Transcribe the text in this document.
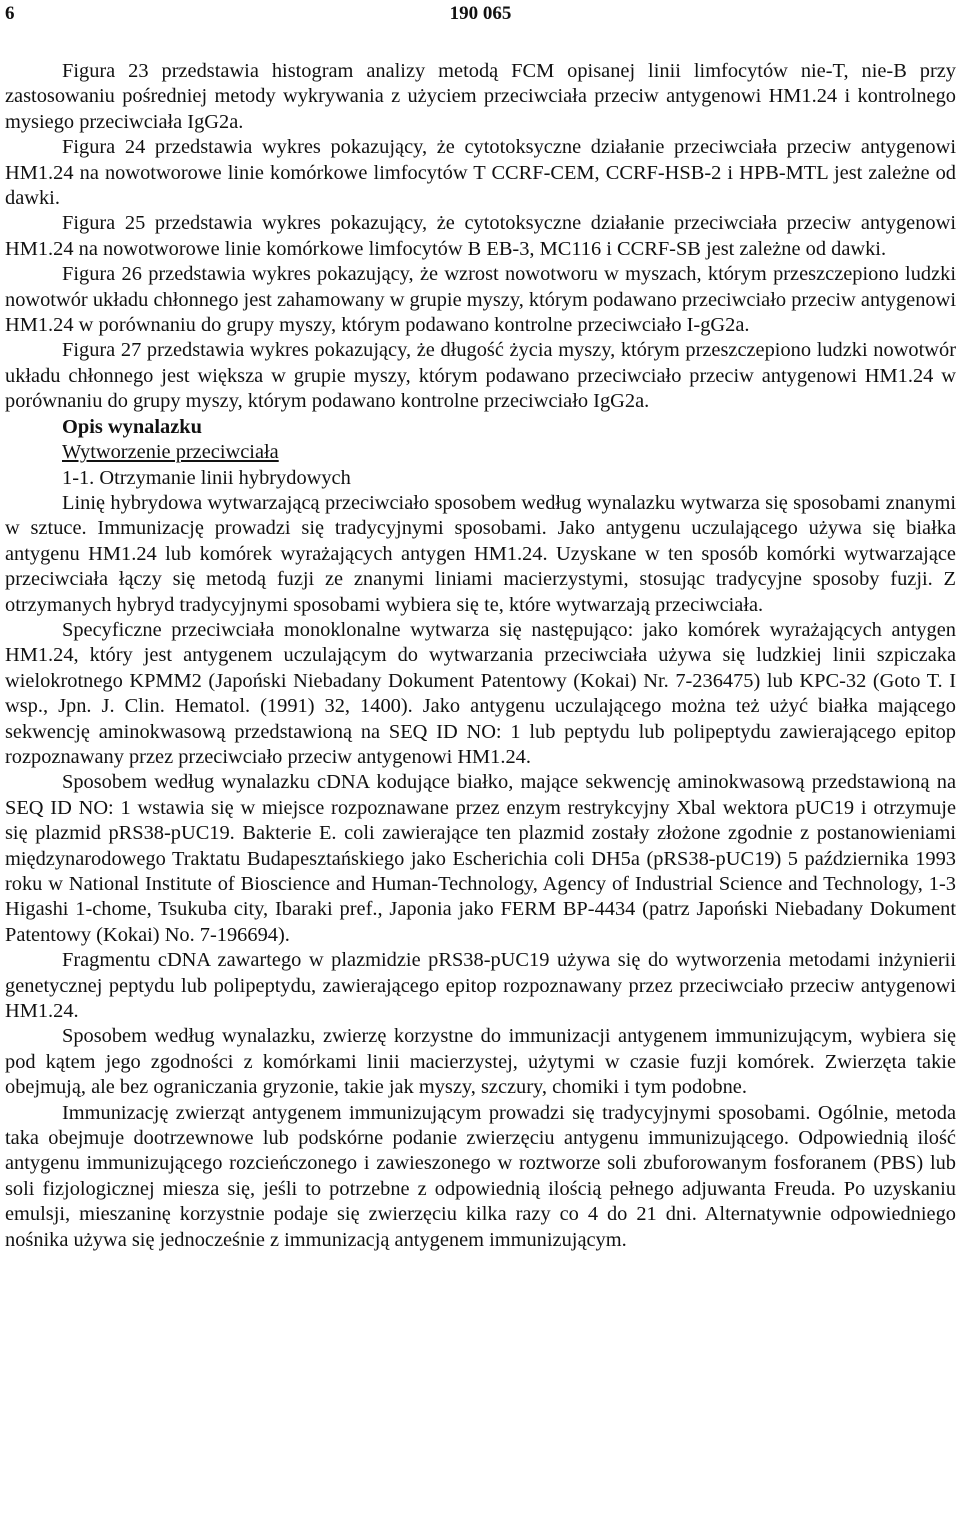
6	190 065

Figura 23 przedstawia histogram analizy metodą FCM opisanej linii limfocytów nie-T, nie-B przy zastosowaniu pośredniej metody wykrywania z użyciem przeciwciała przeciw antygenowi HM1.24 i kontrolnego mysiego przeciwciała IgG2a.

Figura 24 przedstawia wykres pokazujący, że cytotoksyczne działanie przeciwciała przeciw antygenowi HM1.24 na nowotworowe linie komórkowe limfocytów T CCRF-CEM, CCRF-HSB-2 i HPB-MTL jest zależne od dawki.

Figura 25 przedstawia wykres pokazujący, że cytotoksyczne działanie przeciwciała przeciw antygenowi HM1.24 na nowotworowe linie komórkowe limfocytów B EB-3, MC116 i CCRF-SB jest zależne od dawki.

Figura 26 przedstawia wykres pokazujący, że wzrost nowotworu w myszach, którym przeszczepiono ludzki nowotwór układu chłonnego jest zahamowany w grupie myszy, którym podawano przeciwciało przeciw antygenowi HM1.24 w porównaniu do grupy myszy, którym podawano kontrolne przeciwciało I-gG2a.

Figura 27 przedstawia wykres pokazujący, że długość życia myszy, którym przeszczepiono ludzki nowotwór układu chłonnego jest większa w grupie myszy, którym podawano przeciwciało przeciw antygenowi HM1.24 w porównaniu do grupy myszy, którym podawano kontrolne przeciwciało IgG2a.

Opis wynalazku
Wytworzenie przeciwciała
1-1. Otrzymanie linii hybrydowych

Linię hybrydowa wytwarzającą przeciwciało sposobem według wynalazku wytwarza się sposobami znanymi w sztuce. Immunizację prowadzi się tradycyjnymi sposobami. Jako antygenu uczulającego używa się białka antygenu HM1.24 lub komórek wyrażających antygen HM1.24. Uzyskane w ten sposób komórki wytwarzające przeciwciała łączy się metodą fuzji ze znanymi liniami macierzystymi, stosując tradycyjne sposoby fuzji. Z otrzymanych hybryd tradycyjnymi sposobami wybiera się te, które wytwarzają przeciwciała.

Specyficzne przeciwciała monoklonalne wytwarza się następująco: jako komórek wyrażających antygen HM1.24, który jest antygenem uczulającym do wytwarzania przeciwciała używa się ludzkiej linii szpiczaka wielokrotnego KPMM2 (Japoński Niebadany Dokument Patentowy (Kokai) Nr. 7-236475) lub KPC-32 (Goto T. I wsp., Jpn. J. Clin. Hematol. (1991) 32, 1400). Jako antygenu uczulającego można też użyć białka mającego sekwencję aminokwasową przedstawioną na SEQ ID NO: 1 lub peptydu lub polipeptydu zawierającego epitop rozpoznawany przez przeciwciało przeciw antygenowi HM1.24.

Sposobem według wynalazku cDNA kodujące białko, mające sekwencję aminokwasową przedstawioną na SEQ ID NO: 1 wstawia się w miejsce rozpoznawane przez enzym restrykcyjny Xbal wektora pUC19 i otrzymuje się plazmid pRS38-pUC19. Bakterie E. coli zawierające ten plazmid zostały złożone zgodnie z postanowieniami międzynarodowego Traktatu Budapesztańskiego jako Escherichia coli DH5a (pRS38-pUC19) 5 października 1993 roku w National Institute of Bioscience and Human-Technology, Agency of Industrial Science and Technology, 1-3 Higashi 1-chome, Tsukuba city, Ibaraki pref., Japonia jako FERM BP-4434 (patrz Japoński Niebadany Dokument Patentowy (Kokai) No. 7-196694).

Fragmentu cDNA zawartego w plazmidzie pRS38-pUC19 używa się do wytworzenia metodami inżynierii genetycznej peptydu lub polipeptydu, zawierającego epitop rozpoznawany przez przeciwciało przeciw antygenowi HM1.24.

Sposobem według wynalazku, zwierzę korzystne do immunizacji antygenem immunizującym, wybiera się pod kątem jego zgodności z komórkami linii macierzystej, użytymi w czasie fuzji komórek. Zwierzęta takie obejmują, ale bez ograniczania gryzonie, takie jak myszy, szczury, chomiki i tym podobne.

Immunizację zwierząt antygenem immunizującym prowadzi się tradycyjnymi sposobami. Ogólnie, metoda taka obejmuje dootrzewnowe lub podskórne podanie zwierzęciu antygenu immunizującego. Odpowiednią ilość antygenu immunizującego rozcieńczonego i zawieszonego w roztworze soli zbuforowanym fosforanem (PBS) lub soli fizjologicznej miesza się, jeśli to potrzebne z odpowiednią ilością pełnego adjuwanta Freuda. Po uzyskaniu emulsji, mieszaninę korzystnie podaje się zwierzęciu kilka razy co 4 do 21 dni. Alternatywnie odpowiedniego nośnika używa się jednocześnie z immunizacją antygenem immunizującym.
